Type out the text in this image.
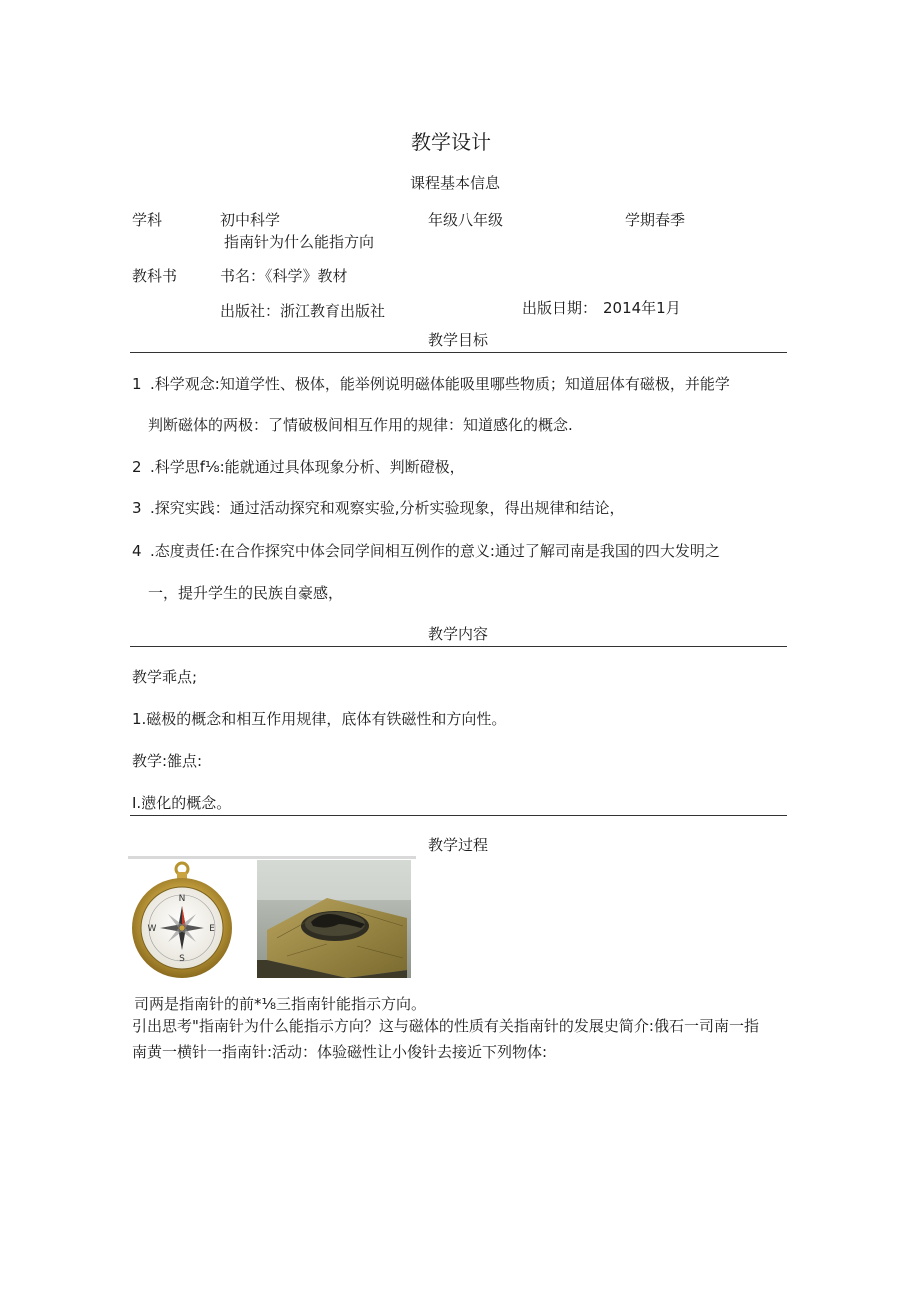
教学设计
课程基本信息
学科	初中科学	年级八年级	学期春季
指南针为什么能指方向
教科书	书名：《科学》教材
出版社：浙江教育出版社	出版日期： 2014年1月
教学目标
1 .科学观念:知道学性、极体，能举例说明磁体能吸里哪些物质；知道屈体有磁极，并能学
判断磁体的两极：了情破极间相互作用的规律：知道感化的概念.
2 .科学思f⅛:能就通过具体现象分析、判断磴极，
3 .探究实践：通过活动探究和观察实验,分析实验现象，得出规律和结论，
4 .态度责任:在合作探究中体会同学间相互例作的意义:通过了解司南是我国的四大发明之
一，提升学生的民族自豪感，
教学内容
教学乖点;
1.磁极的概念和相互作用规律，底体有铁磁性和方向性。
教学:雒点:
I.懑化的概念。
教学过程
N
S
E
W
司两是指南针的前*⅛三指南针能指示方向。
引出思考"指南针为什么能指示方向？这与磁体的性质有关指南针的发展史简介:俄石一司南一指
南黄一横针一指南针:活动：体验磁性让小俊针去接近下列物体:
